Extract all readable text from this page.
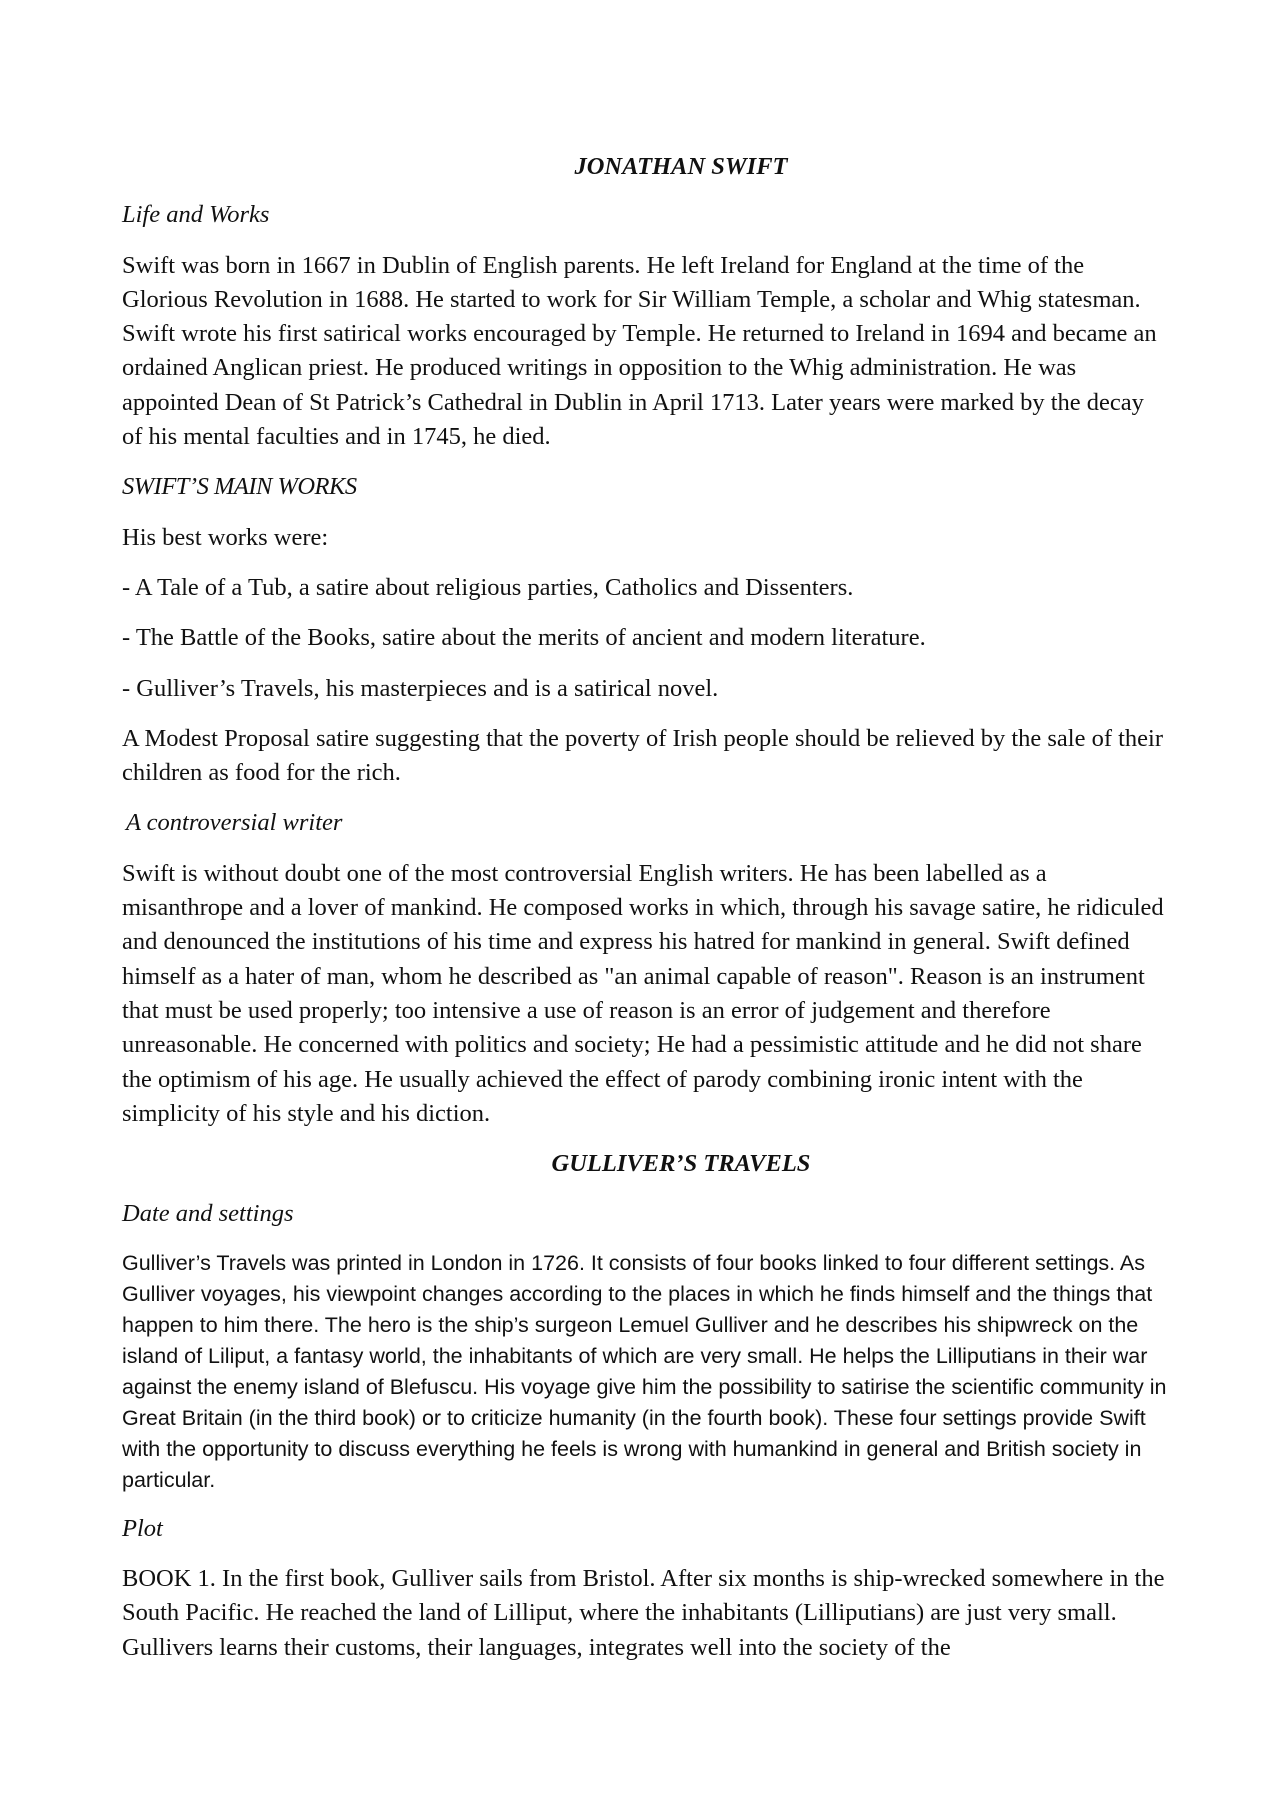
JONATHAN SWIFT
Life and Works

Swift was born in 1667 in Dublin of English parents. He left Ireland for England at the time of the Glorious Revolution in 1688. He started to work for Sir William Temple, a scholar and Whig statesman. Swift wrote his first satirical works encouraged by Temple. He returned to Ireland in 1694 and became an ordained Anglican priest. He produced writings in opposition to the Whig administration. He was appointed Dean of St Patrick’s Cathedral in Dublin in April 1713. Later years were marked by the decay of his mental faculties and in 1745, he died.

SWIFT’S MAIN WORKS

His best works were:

- A Tale of a Tub, a satire about religious parties, Catholics and Dissenters.

- The Battle of the Books, satire about the merits of ancient and modern literature.

- Gulliver’s Travels, his masterpieces and is a satirical novel.

A Modest Proposal satire suggesting that the poverty of Irish people should be relieved by the sale of their children as food for the rich.

A controversial writer

Swift is without doubt one of the most controversial English writers. He has been labelled as a misanthrope and a lover of mankind. He composed works in which, through his savage satire, he ridiculed and denounced the institutions of his time and express his hatred for mankind in general. Swift defined himself as a hater of man, whom he described as "an animal capable of reason". Reason is an instrument that must be used properly; too intensive a use of reason is an error of judgement and therefore unreasonable. He concerned with politics and society; He had a pessimistic attitude and he did not share the optimism of his age. He usually achieved the effect of parody combining ironic intent with the simplicity of his style and his diction.

GULLIVER’S TRAVELS
Date and settings

Gulliver’s Travels was printed in London in 1726. It consists of four books linked to four different settings. As Gulliver voyages, his viewpoint changes according to the places in which he finds himself and the things that happen to him there. The hero is the ship’s surgeon Lemuel Gulliver and he describes his shipwreck on the island of Liliput, a fantasy world, the inhabitants of which are very small. He helps the Lilliputians in their war against the enemy island of Blefuscu. His voyage give him the possibility to satirise the scientific community in Great Britain (in the third book) or to criticize humanity (in the fourth book). These four settings provide Swift with the opportunity to discuss everything he feels is wrong with humankind in general and British society in particular.

Plot

BOOK 1. In the first book, Gulliver sails from Bristol. After six months is ship-wrecked somewhere in the South Pacific. He reached the land of Lilliput, where the inhabitants (Lilliputians) are just very small. Gullivers learns their customs, their languages, integrates well into the society of the
